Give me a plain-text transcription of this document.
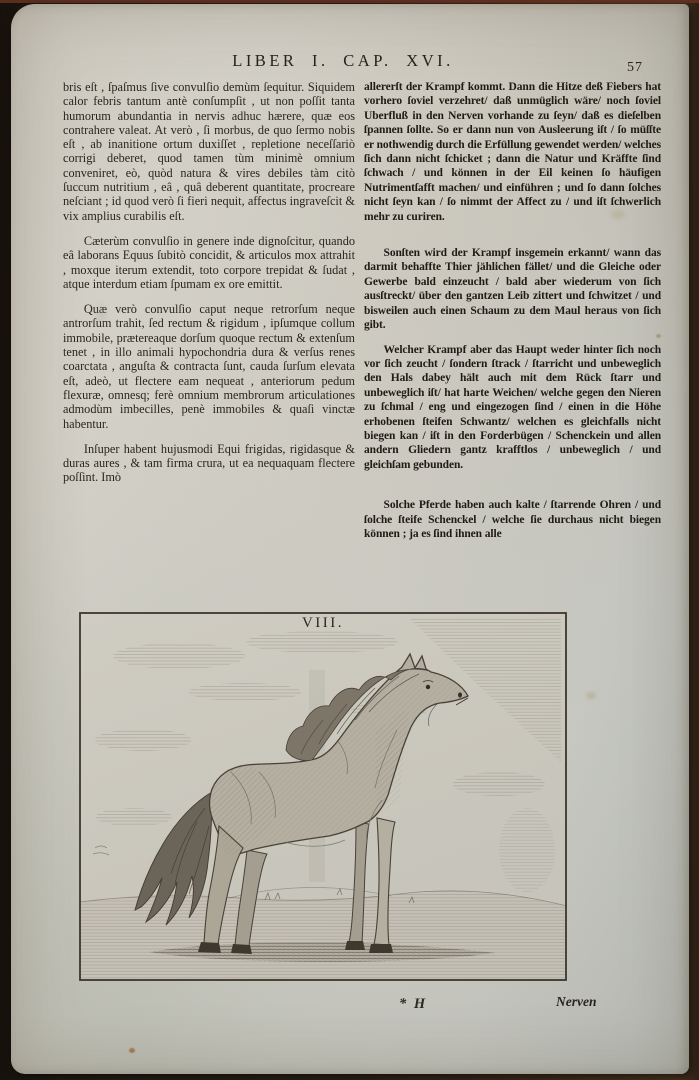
LIBER I. CAP. XVI.	57

bris eſt , ſpaſmus ſive convulſio demùm ſequitur. Siquidem calor febris tantum antè conſumpſit , ut non poſſit tanta humorum abundantia in nervis adhuc hærere, quæ eos contrahere valeat. At verò , ſi morbus, de quo ſermo nobis eſt , ab inanitione ortum duxiſſet , repletione neceſſariò corrigi deberet, quod tamen tùm minimè omnium conveniret, eò, quòd natura & vires debiles tàm citò ſuccum nutritium , eâ , quâ deberent quantitate, procreare neſciant ; id quod verò ſi fieri nequit, affectus ingraveſcit & vix amplius curabilis eſt.

Cæterùm convulſio in genere inde dignoſcitur, quando eâ laborans Equus ſubitò concidit, & articulos mox attrahit , moxque iterum extendit, toto corpore trepidat & ſudat , atque interdum etiam ſpumam ex ore emittit.

Quæ verò convulſio caput neque retrorſum neque antrorſum trahit, ſed rectum & rigidum , ipſumque collum immobile, prætereaque dorſum quoque rectum & extenſum tenet , in illo animali hypochondria dura & verſus renes coarctata , anguſta & contracta ſunt, cauda ſurſum elevata eſt, adeò, ut flectere eam nequeat , anteriorum pedum flexuræ, omnesq; ferè omnium membrorum articulationes admodùm imbecilles, penè immobiles & quaſi vinctæ habentur.

Inſuper habent hujusmodi Equi frigidas, rigidasque & duras aures , & tam firma crura, ut ea nequaquam flectere poſſint. Imò

allererſt der Krampf kommt. Dann die Hitze deß Fiebers hat vorhero ſoviel verzehret/ daß unmüglich wäre/ noch ſoviel Uberfluß in den Nerven vorhande zu ſeyn/ daß es dieſelben ſpannen ſollte. So er dann nun von Ausleerung iſt / ſo müſſte er nothwendig durch die Erfüllung gewendet werden/ welches ſich dann nicht ſchicket ; dann die Natur und Kräffte ſind ſchwach / und können in der Eil keinen ſo häufigen Nutrimentſafft machen/ und einführen ; und ſo dann ſolches nicht ſeyn kan / ſo nimmt der Affect zu / und iſt ſchwerlich mehr zu curiren.

Sonſten wird der Krampf insgemein erkannt/ wann das darmit behaffte Thier jählichen fället/ und die Gleiche oder Gewerbe bald einzeucht / bald aber wiederum von ſich ausſtreckt/ über den gantzen Leib zittert und ſchwitzet / und bisweilen auch einen Schaum zu dem Maul heraus von ſich gibt.

Welcher Krampf aber das Haupt weder hinter ſich noch vor ſich zeucht / ſondern ſtrack / ſtarricht und unbeweglich den Hals dabey hält auch mit dem Rück ſtarr und unbeweglich iſt/ hat harte Weichen/ welche gegen den Nieren zu ſchmal / eng und eingezogen ſind / einen in die Höhe erhobenen ſteifen Schwantz/ welchen es gleichfalls nicht biegen kan / iſt in den Forderbügen / Schenckein und allen andern Gliedern gantz krafftlos / unbeweglich / und gleichſam gebunden.

Solche Pferde haben auch kalte / ſtarrende Ohren / und ſolche ſteife Schenckel / welche ſie durchaus nicht biegen können ; ja es ſind ihnen alle

VIII.
* H	Nerven
